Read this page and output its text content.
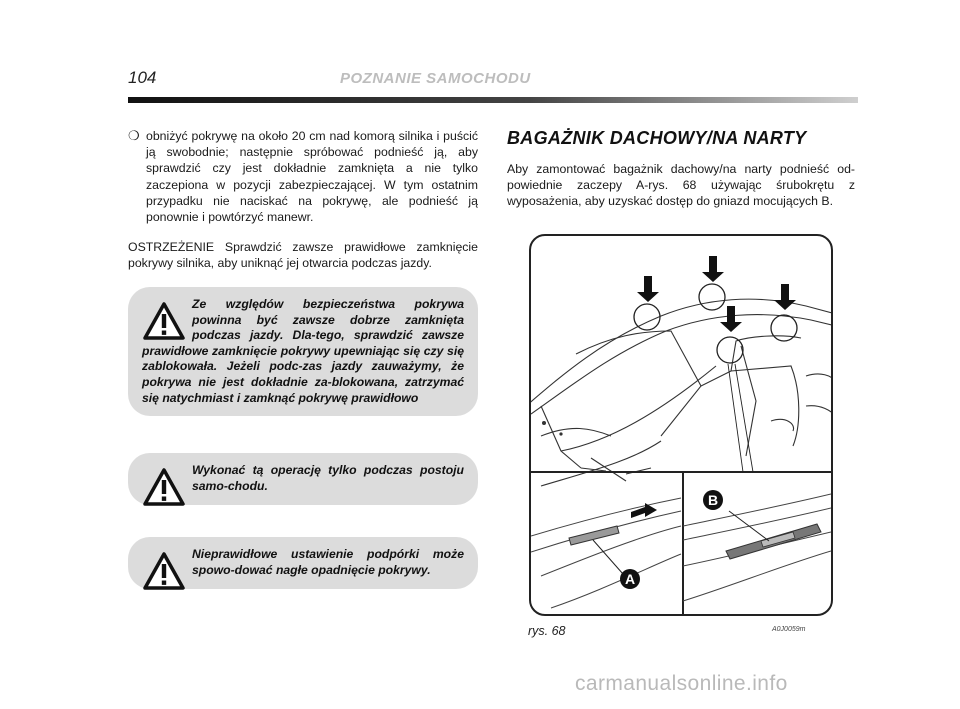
104	POZNANIE SAMOCHODU
❍ obniżyć pokrywę na około 20 cm nad komorą silnika i puścić ją swobodnie; następnie spróbować podnieść ją, aby sprawdzić czy jest dokładnie zamknięta a nie tylko zaczepiona w pozycji zabezpieczającej. W tym ostatnim przypadku nie naciskać na pokrywę, ale podnieść ją ponownie i powtórzyć manewr.
OSTRZEŻENIE Sprawdzić zawsze prawidłowe zamknięcie pokrywy silnika, aby uniknąć jej otwarcia podczas jazdy.
Ze względów bezpieczeństwa pokrywa powinna być zawsze dobrze zamknięta podczas jazdy. Dla-tego, sprawdzić zawsze prawidłowe zamknięcie pokrywy upewniając się czy się zablokowała. Jeżeli podc-zas jazdy zauważymy, że pokrywa nie jest dokładnie za-blokowana, zatrzymać się natychmiast i zamknąć pokrywę prawidłowo
Wykonać tą operację tylko podczas postoju samo-chodu.
Nieprawidłowe ustawienie podpórki może spowo-dować nagłe opadnięcie pokrywy.
BAGAŻNIK DACHOWY/NA NARTY
Aby zamontować bagażnik dachowy/na narty podnieść od-powiednie zaczepy A-rys. 68 używając śrubokrętu z wyposażenia, aby uzyskać dostęp do gniazd mocujących B.
A
B
rys. 68	A0J0059m
carmanualsonline.info
